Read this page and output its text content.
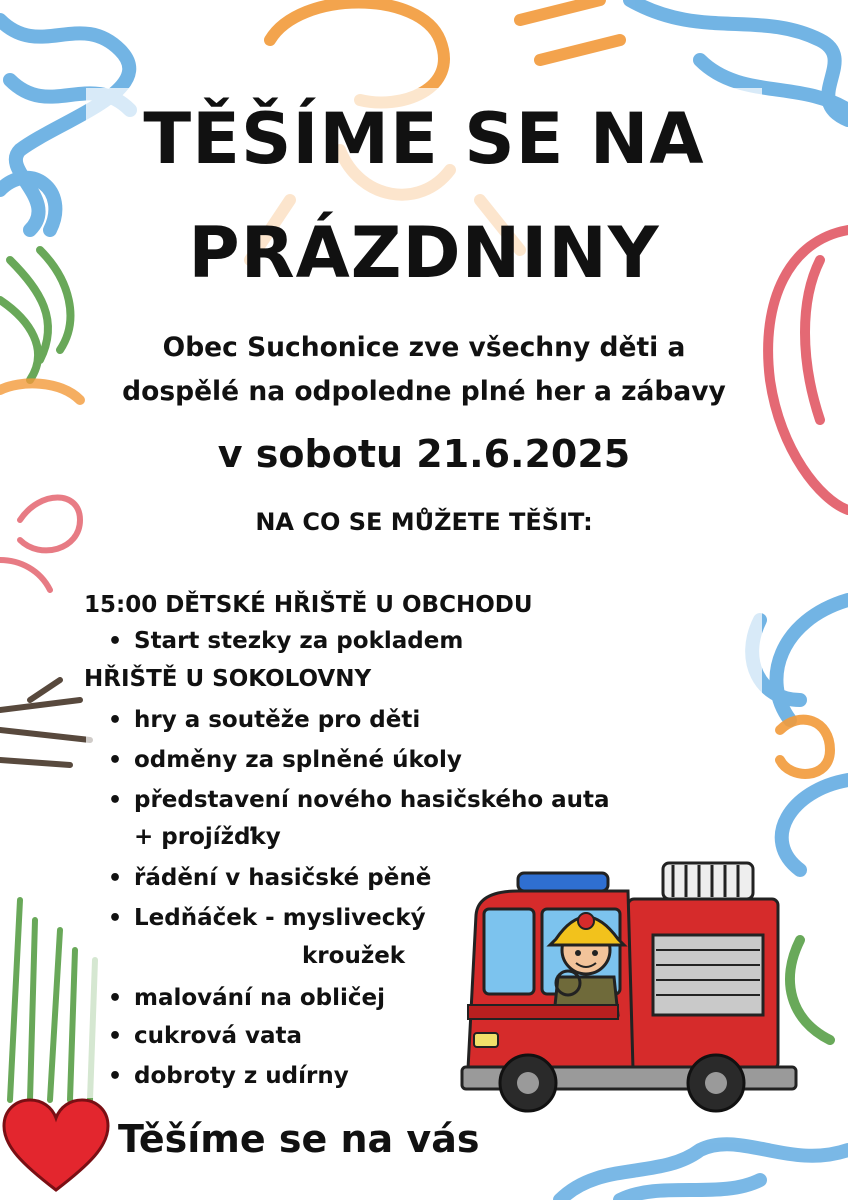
TĚŠÍME SE NA
PRÁZDNINY

Obec Suchonice zve všechny děti a
dospělé na odpoledne plné her a zábavy

v sobotu 21.6.2025

NA CO SE MŮŽETE TĚŠIT:

15:00 DĚTSKÉ HŘIŠTĚ U OBCHODU
• Start stezky za pokladem
HŘIŠTĚ U SOKOLOVNY
• hry a soutěže pro děti
• odměny za splněné úkoly
• představení nového hasičského auta
+ projížďky
• řádění v hasičské pěně
• Ledňáček - myslivecký
kroužek
• malování na obličej
• cukrová vata
• dobroty z udírny
Těšíme se na vás
